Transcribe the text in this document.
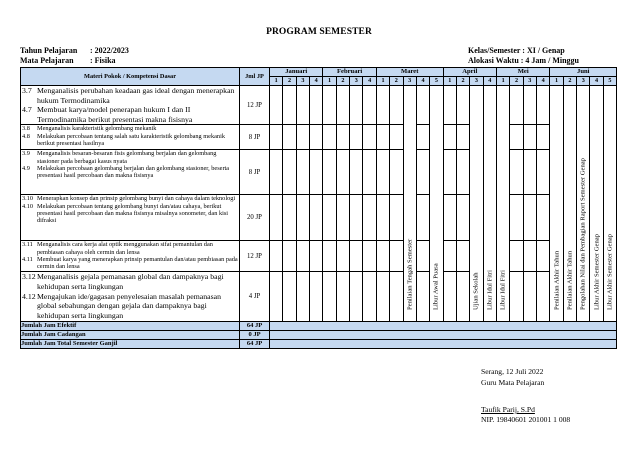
PROGRAM SEMESTER
Tahun Pelajaran : 2022/2023
Mata Pelajaran : Fisika
Kelas/Semester : XI / Genap
Alokasi Waktu : 4 Jam / Minggu
Materi Pokok / Kompetensi Dasar	Jml JP	Januari				Februari				Maret					April				Mei				Juni				
		1	2	3	4	1	2	3	4	1	2	3	4	5	1	2	3	4	1	2	3	4	1	2	3	4	5

3.7 Menganalisis perubahan keadaan gas ideal dengan menerapkan hukum Termodinamika
4.7 Membuat karya/model penerapan hukum I dan II Termodinamika berikut presentasi makna fisisnya	12 JP											Penilaian Tengah Semester		Libur Awal Puasa			Ujian Sekolah	Libur Idul Fitri	Libur Idul Fitri				Penilaian Akhir Tahun	Penilaian Akhir Tahun	Pengolahan Nilai dan Pembagian Raport Semester Genap	Libur Akhir Semester Genap	Libur Akhir Semester Genap

3.8 Menganalisis karakteristik gelombang mekanik
4.8 Melakukan percobaan tentang salah satu karakteristik gelombang mekanik berikut presentasi hasilnya	8 JP																										

3.9 Menganalisis besaran-besaran fisis gelombang berjalan dan gelombang stasioner pada berbagai kasus nyata
4.9 Melakukan percobaan gelombang berjalan dan gelombang stasioner, beserta presentasi hasil percobaan dan makna fisisnya	8 JP																										

3.10 Menerapkan konsep dan prinsip gelombang bunyi dan cahaya dalam teknologi
4.10 Melakukan percobaan tentang gelombang bunyi dan/atau cahaya, berikut presentasi hasil percobaan dan makna fisisnya misalnya sonometer, dan kisi difraksi	20 JP																										

3.11 Menganalisis cara kerja alat optik menggunakan sifat pemantulan dan pembiasan cahaya oleh cermin dan lensa
4.11 Membuat karya yang menerapkan prinsip pemantulan dan/atau pembiasan pada cermin dan lensa	12 JP																										

3.12 Menganalisis gejala pemanasan global dan dampaknya bagi kehidupan serta lingkungan
4.12 Mengajukan ide/gagasan penyelesaian masalah pemanasan global sebahungan dengan gejala dan dampaknya bagi kehidupan serta lingkungan	4 JP																										
Jumlah Jam Efektif	64 JP																										
Jumlah Jam Cadangan	0 JP																										
Jumlah Jam Total Semester Ganjil	64 JP																										
Serang, 12 Juli 2022
Guru Mata Pelajaran
Taufik Parij, S.Pd
NIP. 19840601 201001 1 008
